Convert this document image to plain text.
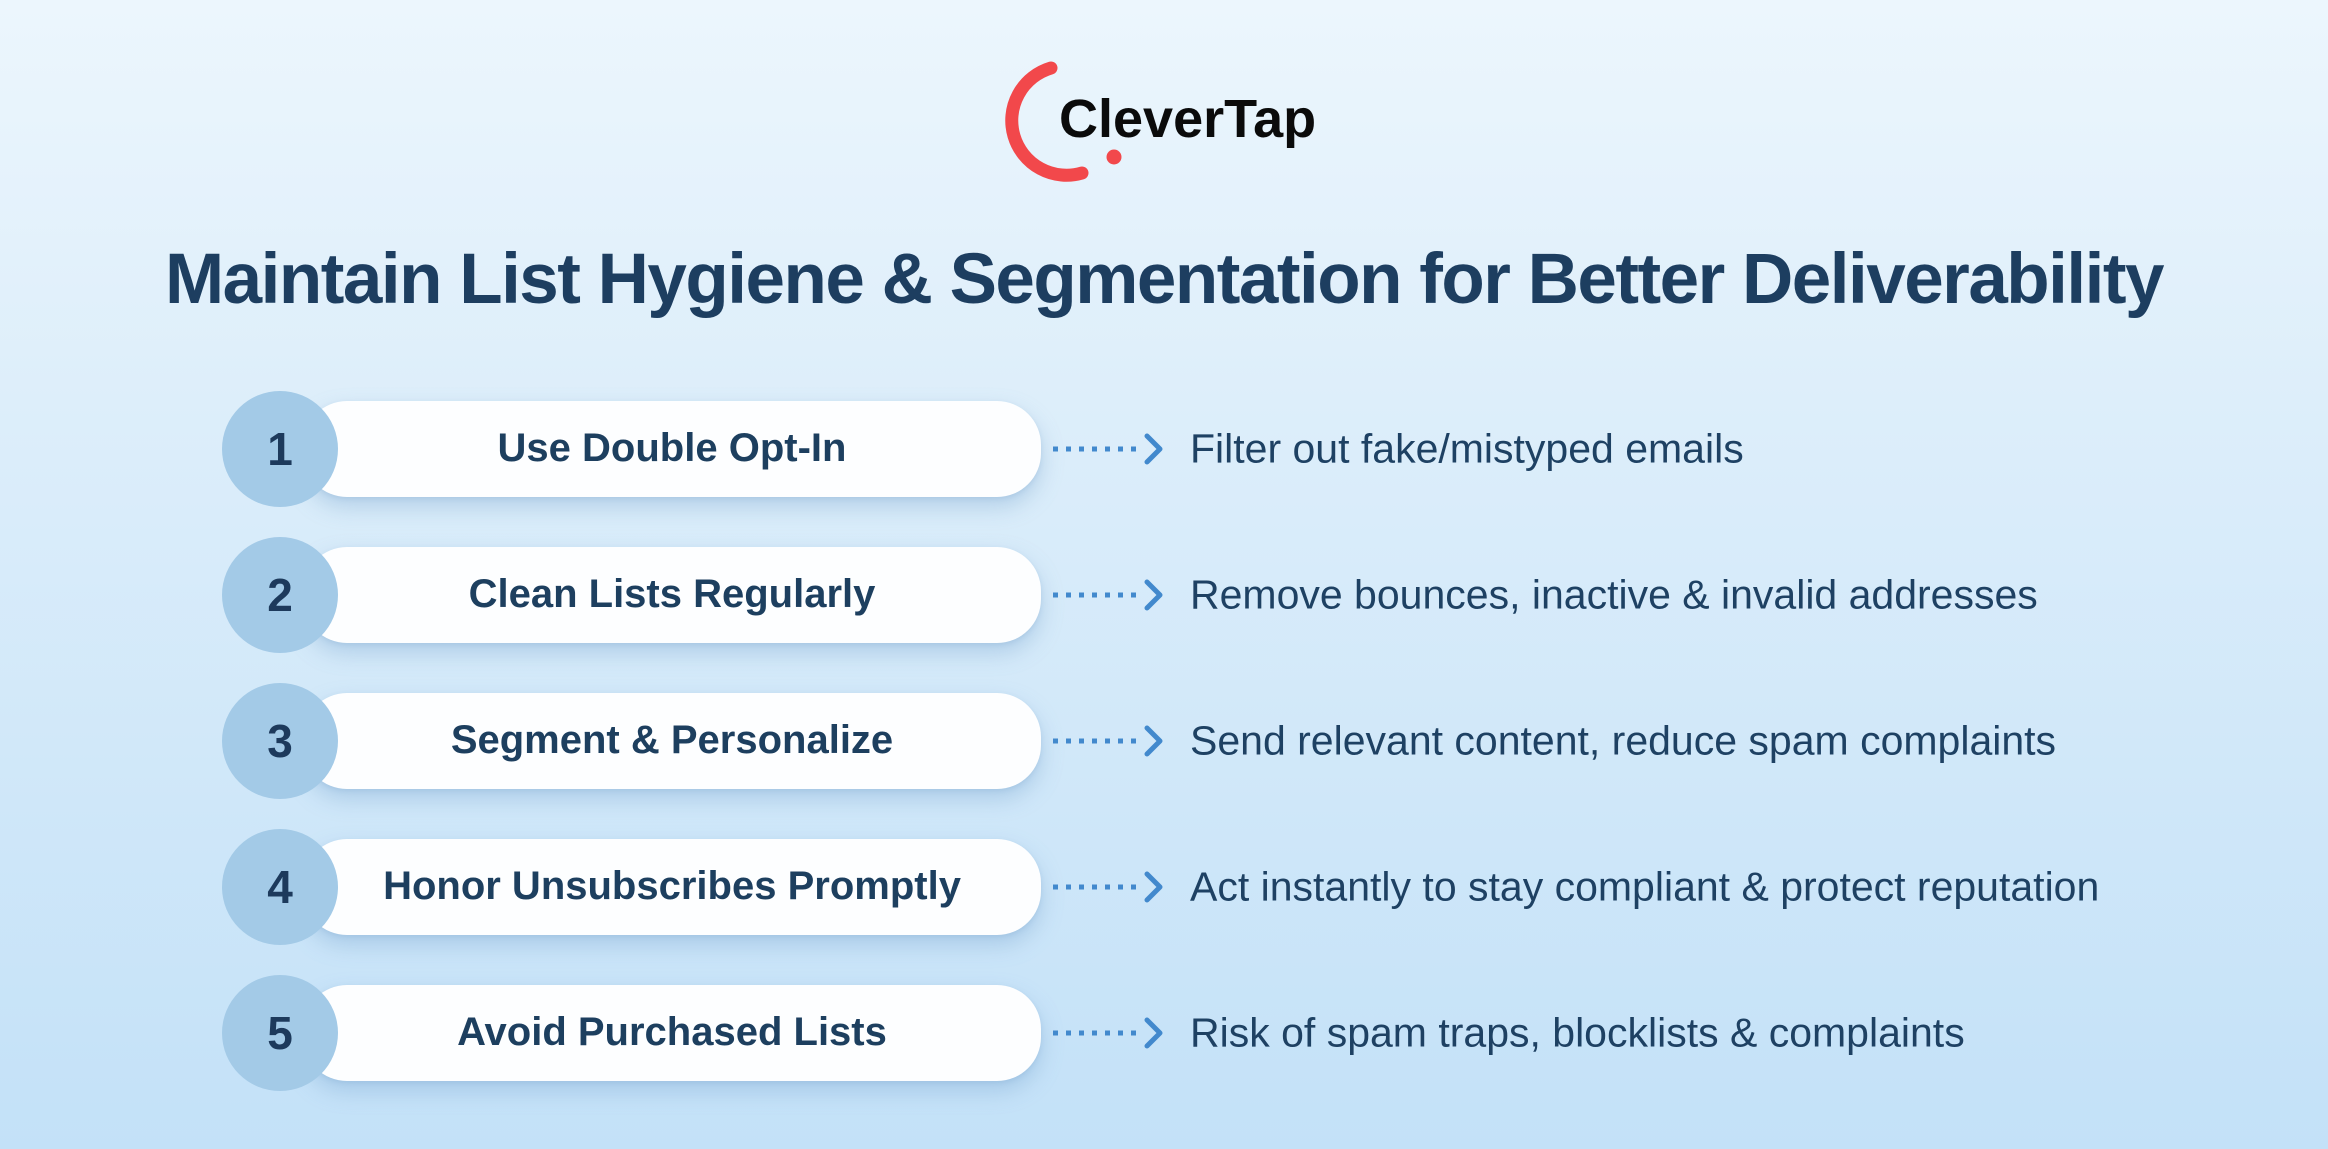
CleverTap
Maintain List Hygiene & Segmentation for Better Deliverability
1	Use Double Opt-In	Filter out fake/mistyped emails
2	Clean Lists Regularly	Remove bounces, inactive & invalid addresses
3	Segment & Personalize	Send relevant content, reduce spam complaints
4	Honor Unsubscribes Promptly	Act instantly to stay compliant & protect reputation
5	Avoid Purchased Lists	Risk of spam traps, blocklists & complaints
